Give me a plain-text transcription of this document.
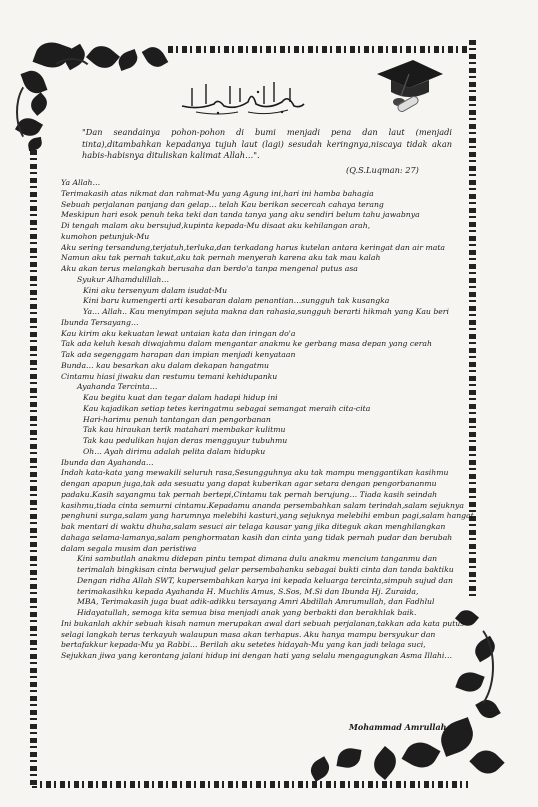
"Dan seandainya pohon-pohon di bumi menjadi pena dan laut (menjadi tinta),ditambahkan kepadanya tujuh laut (lagi) sesudah keringnya,niscaya tidak akan habis-habisnya dituliskan kalimat Allah…".
(Q.S.Luqman: 27)

Ya Allah…

Terimakasih atas nikmat dan rahmat-Mu yang Agung ini,hari ini hamba bahagia

Sebuah perjalanan panjang dan gelap… telah Kau berikan secercah cahaya terang

Meskipun hari esok penuh teka teki dan tanda tanya yang aku sendiri belum tahu jawabnya

Di tengah malam aku bersujud,kupinta kepada-Mu disaat aku kehilangan arah,

kumohon petunjuk-Mu

Aku sering tersandung,terjatuh,terluka,dan terkadang harus kutelan antara keringat dan air mata

Namun aku tak pernah takut,aku tak pernah menyerah karena aku tak mau kalah

Aku akan terus melangkah berusaha dan berdo'a tanpa mengenal putus asa

Syukur Alhamdulillah…

Kini aku tersenyum dalam isudat-Mu

Kini baru kumengerti arti kesabaran dalam penantian…sungguh tak kusangka

Ya… Allah.. Kau menyimpan sejuta makna dan rahasia,sungguh berarti hikmah yang Kau beri

Ibunda Tersayang…

Kau kirim aku kekuatan lewat untaian kata dan iringan do'a

Tak ada keluh kesah diwajahmu dalam mengantar anakmu ke gerbang masa depan yang cerah

Tak ada segenggam harapan dan impian menjadi kenyataan

Bunda… kau besarkan aku dalam dekapan hangatmu

Cintamu hiasi jiwaku dan restumu temani kehidupanku

Ayahanda Tercinta…

Kau begitu kuat dan tegar dalam hadapi hidup ini

Kau kajadikan setiap tetes keringatmu sebagai semangat meraih cita-cita

Hari-harimu penuh tantangan dan pengorbanan

Tak kau hiraukan terik matahari membakar kulitmu

Tak kau pedulikan hujan deras mengguyur tubuhmu

Oh… Ayah dirimu adalah pelita dalam hidupku

Ibunda dan Ayahanda…

Indah kata-kata yang mewakili seluruh rasa,Sesungguhnya aku tak mampu menggantikan kasihmu

dengan apapun juga,tak ada sesuatu yang dapat kuberikan agar setara dengan pengorbananmu

padaku.Kasih sayangmu tak pernah bertepi,Cintamu tak pernah berujung… Tiada kasih seindah

kasihmu,tiada cinta semurni cintamu.Kepadamu ananda persembahkan salam terindah,salam sejuknya

penghuni surga,salam yang harumnya melebihi kasturi,yang sejuknya melebihi embun pagi,salam hangat

bak mentari di waktu dhuha,salam sesuci air telaga kausar yang jika diteguk akan menghilangkan

dahaga selama-lamanya,salam penghormatan kasih dan cinta yang tidak pernah pudar dan berubah

dalam segala musim dan peristiwa

Kini sambutlah anakmu didepan pintu tempat dimana dulu anakmu mencium tanganmu dan

terimalah bingkisan cinta berwujud gelar persembahanku sebagai bukti cinta dan tanda baktiku

Dengan ridha Allah SWT, kupersembahkan karya ini kepada keluarga tercinta,simpuh sujud dan

terimakasihku kepada Ayahanda H. Muchlis Amus, S.Sos, M.Si dan Ibunda Hj. Zuraida,

MBA, Terimakasih juga buat adik-adikku tersayang Amri Abdillah Amrumullah, dan Fadhlul

Hidayatullah, semoga kita semua bisa menjadi anak yang berbakti dan berakhlak baik.

Ini bukanlah akhir sebuah kisah namun merupakan awal dari sebuah perjalanan,takkan ada kata putus

selagi langkah terus terkayuh walaupun masa akan terhapus. Aku hanya mampu bersyukur dan

bertafakkur kepada-Mu ya Rabbi… Berilah aku setetes hidayah-Mu yang kan jadi telaga suci,

Sejukkan jiwa yang kerontang jalani hidup ini dengan hati yang selalu mengagungkan Asma Illahi…

Mohammad Amrullah
